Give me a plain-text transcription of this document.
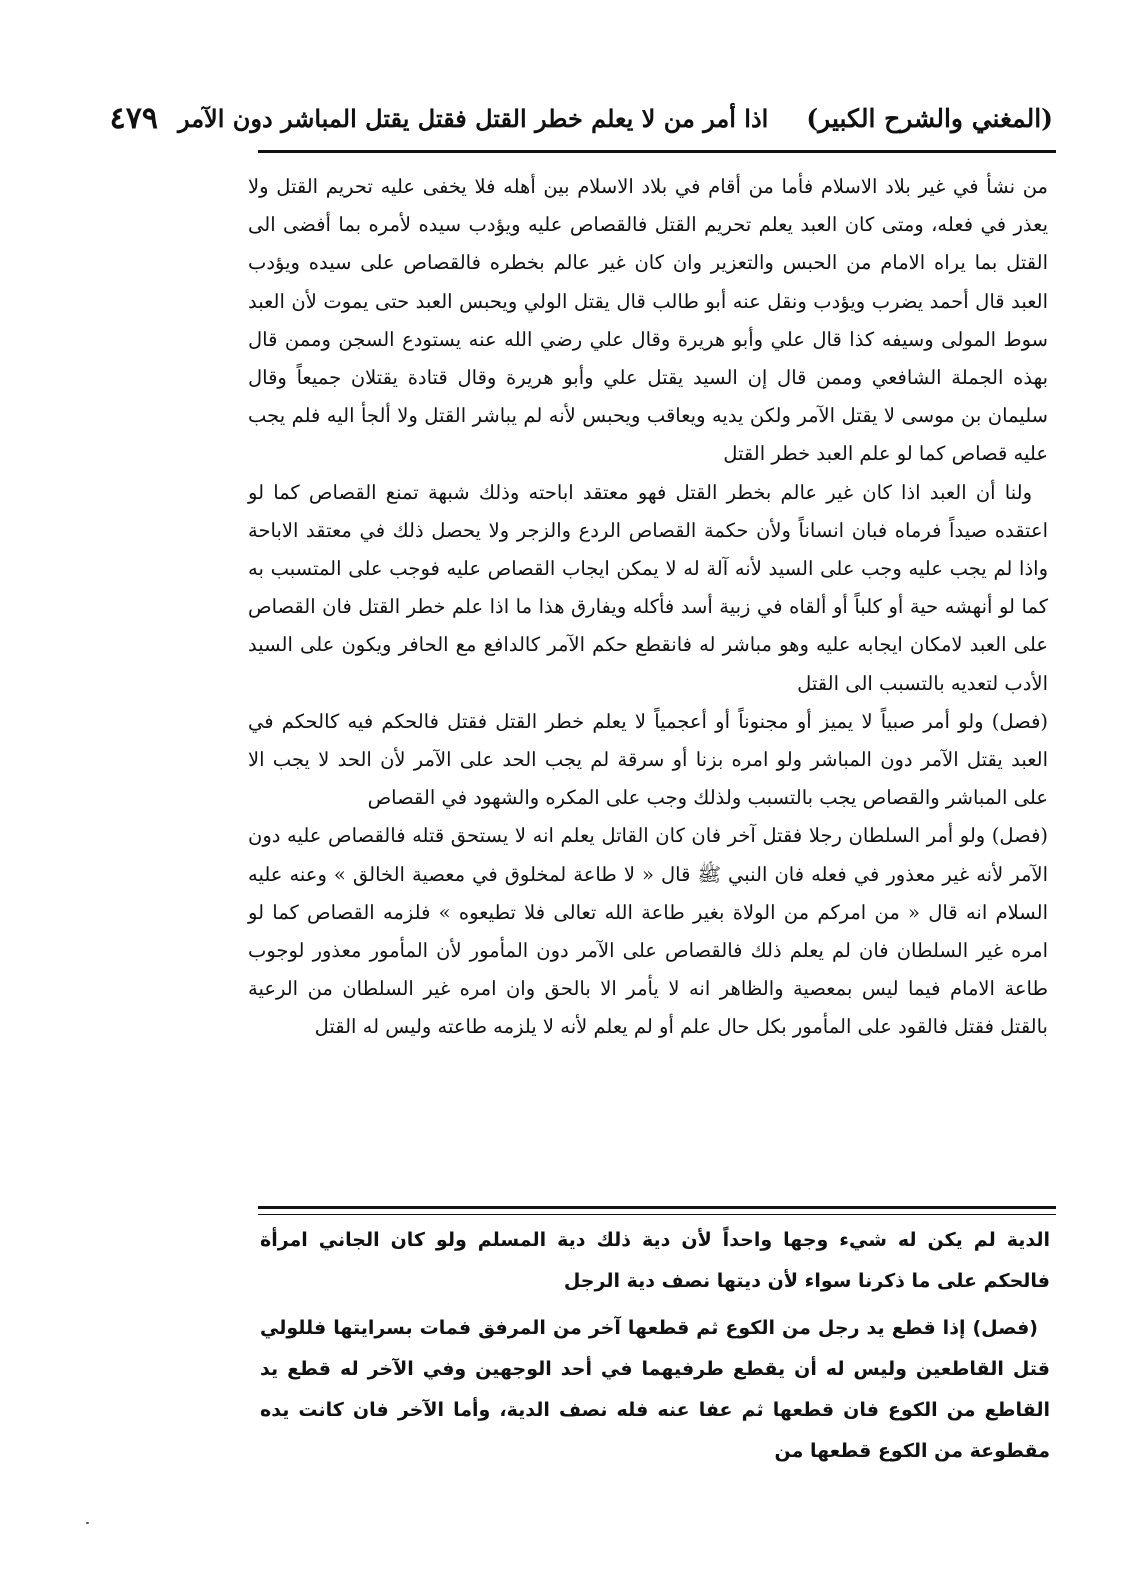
(المغني والشرح الكبير)
اذا أمر من لا يعلم خطر القتل فقتل يقتل المباشر دون الآمر
٤٧٩

من نشأ في غير بلاد الاسلام فأما من أقام في بلاد الاسلام بين أهله فلا يخفى عليه تحريم القتل ولا يعذر في فعله، ومتى كان العبد يعلم تحريم القتل فالقصاص عليه ويؤدب سيده لأمره بما أفضى الى القتل بما يراه الامام من الحبس والتعزير وان كان غير عالم بخطره فالقصاص على سيده ويؤدب العبد قال أحمد يضرب ويؤدب ونقل عنه أبو طالب قال يقتل الولي ويحبس العبد حتى يموت لأن العبد سوط المولى وسيفه كذا قال علي وأبو هريرة وقال علي رضي الله عنه يستودع السجن وممن قال بهذه الجملة الشافعي وممن قال إن السيد يقتل علي وأبو هريرة وقال قتادة يقتلان جميعاً وقال سليمان بن موسى لا يقتل الآمر ولكن يديه ويعاقب ويحبس لأنه لم يباشر القتل ولا ألجأ اليه فلم يجب عليه قصاص كما لو علم العبد خطر القتل

ولنا أن العبد اذا كان غير عالم بخطر القتل فهو معتقد اباحته وذلك شبهة تمنع القصاص كما لو اعتقده صيداً فرماه فبان انساناً ولأن حكمة القصاص الردع والزجر ولا يحصل ذلك في معتقد الاباحة واذا لم يجب عليه وجب على السيد لأنه آلة له لا يمكن ايجاب القصاص عليه فوجب على المتسبب به كما لو أنهشه حية أو كلباً أو ألقاه في زبية أسد فأكله ويفارق هذا ما اذا علم خطر القتل فان القصاص على العبد لامكان ايجابه عليه وهو مباشر له فانقطع حكم الآمر كالدافع مع الحافر ويكون على السيد الأدب لتعديه بالتسبب الى القتل

(فصل) ولو أمر صبياً لا يميز أو مجنوناً أو أعجمياً لا يعلم خطر القتل فقتل فالحكم فيه كالحكم في العبد يقتل الآمر دون المباشر ولو امره بزنا أو سرقة لم يجب الحد على الآمر لأن الحد لا يجب الا على المباشر والقصاص يجب بالتسبب ولذلك وجب على المكره والشهود في القصاص

(فصل) ولو أمر السلطان رجلا فقتل آخر فان كان القاتل يعلم انه لا يستحق قتله فالقصاص عليه دون الآمر لأنه غير معذور في فعله فان النبي ﷺ قال « لا طاعة لمخلوق في معصية الخالق » وعنه عليه السلام انه قال « من امركم من الولاة بغير طاعة الله تعالى فلا تطيعوه » فلزمه القصاص كما لو امره غير السلطان فان لم يعلم ذلك فالقصاص على الآمر دون المأمور لأن المأمور معذور لوجوب طاعة الامام فيما ليس بمعصية والظاهر انه لا يأمر الا بالحق وان امره غير السلطان من الرعية بالقتل فقتل فالقود على المأمور بكل حال علم أو لم يعلم لأنه لا يلزمه طاعته وليس له القتل

الدية لم يكن له شيء وجها واحداً لأن دية ذلك دية المسلم ولو كان الجاني امرأة فالحكم على ما ذكرنا سواء لأن ديتها نصف دية الرجل

(فصل) إذا قطع يد رجل من الكوع ثم قطعها آخر من المرفق فمات بسرايتها فللولي قتل القاطعين وليس له أن يقطع طرفيهما في أحد الوجهين وفي الآخر له قطع يد القاطع من الكوع فان قطعها ثم عفا عنه فله نصف الدية، وأما الآخر فان كانت يده مقطوعة من الكوع قطعها من
